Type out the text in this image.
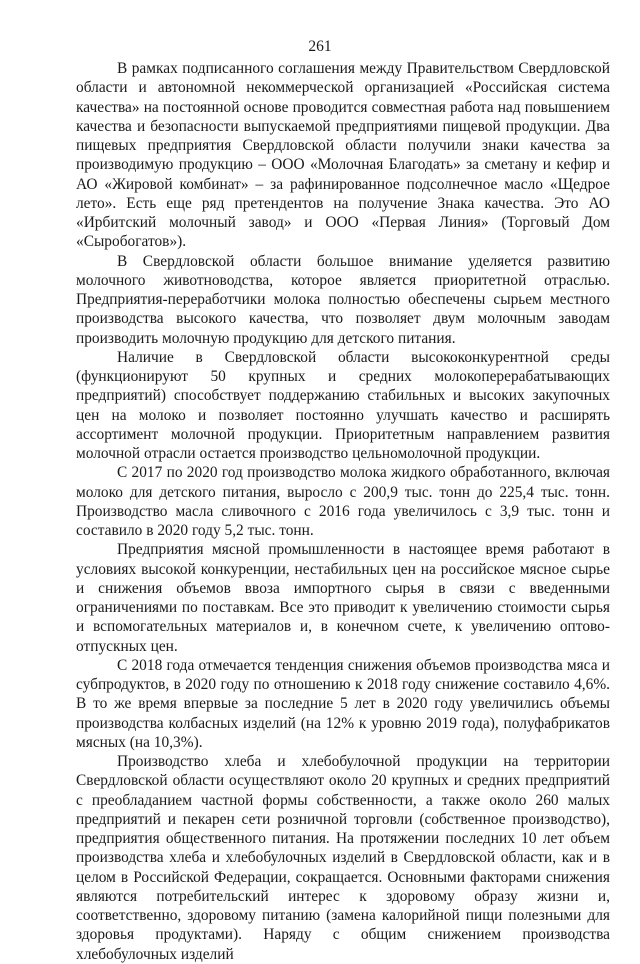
261

В рамках подписанного соглашения между Правительством Свердловской области и автономной некоммерческой организацией «Российская система качества» на постоянной основе проводится совместная работа над повышением качества и безопасности выпускаемой предприятиями пищевой продукции. Два пищевых предприятия Свердловской области получили знаки качества за производимую продукцию – ООО «Молочная Благодать» за сметану и кефир и АО «Жировой комбинат» – за рафинированное подсолнечное масло «Щедрое лето». Есть еще ряд претендентов на получение Знака качества. Это АО «Ирбитский молочный завод» и ООО «Первая Линия» (Торговый Дом «Сыробогатов»).

В Свердловской области большое внимание уделяется развитию молочного животноводства, которое является приоритетной отраслью. Предприятия-переработчики молока полностью обеспечены сырьем местного производства высокого качества, что позволяет двум молочным заводам производить молочную продукцию для детского питания.

Наличие в Свердловской области высококонкурентной среды (функционируют 50 крупных и средних молокоперерабатывающих предприятий) способствует поддержанию стабильных и высоких закупочных цен на молоко и позволяет постоянно улучшать качество и расширять ассортимент молочной продукции. Приоритетным направлением развития молочной отрасли остается производство цельномолочной продукции.

С 2017 по 2020 год производство молока жидкого обработанного, включая молоко для детского питания, выросло с 200,9 тыс. тонн до 225,4 тыс. тонн. Производство масла сливочного с 2016 года увеличилось с 3,9 тыс. тонн и составило в 2020 году 5,2 тыс. тонн.

Предприятия мясной промышленности в настоящее время работают в условиях высокой конкуренции, нестабильных цен на российское мясное сырье и снижения объемов ввоза импортного сырья в связи с введенными ограничениями по поставкам. Все это приводит к увеличению стоимости сырья и вспомогательных материалов и, в конечном счете, к увеличению оптово-отпускных цен.

С 2018 года отмечается тенденция снижения объемов производства мяса и субпродуктов, в 2020 году по отношению к 2018 году снижение составило 4,6%. В то же время впервые за последние 5 лет в 2020 году увеличились объемы производства колбасных изделий (на 12% к уровню 2019 года), полуфабрикатов мясных (на 10,3%).

Производство хлеба и хлебобулочной продукции на территории Свердловской области осуществляют около 20 крупных и средних предприятий с преобладанием частной формы собственности, а также около 260 малых предприятий и пекарен сети розничной торговли (собственное производство), предприятия общественного питания. На протяжении последних 10 лет объем производства хлеба и хлебобулочных изделий в Свердловской области, как и в целом в Российской Федерации, сокращается. Основными факторами снижения являются потребительский интерес к здоровому образу жизни и, соответственно, здоровому питанию (замена калорийной пищи полезными для здоровья продуктами). Наряду с общим снижением производства хлебобулочных изделий
